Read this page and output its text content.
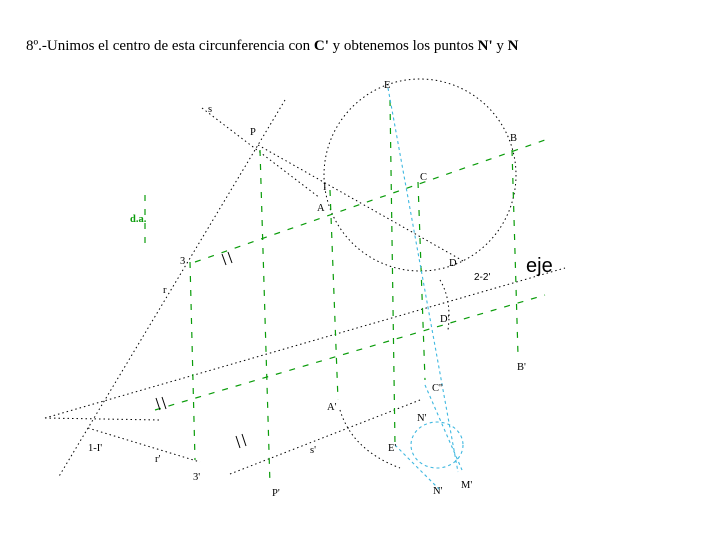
8º.-Unimos el centro de esta circunferencia con C' y obtenemos los puntos N' y N

E
s
P
B
C
I
A
d.a.
3
r
D
2-2'
eje
D'
B'
C''
A'
N'
1-I'
r'
s'	E'
3'
M'
N'
P'
